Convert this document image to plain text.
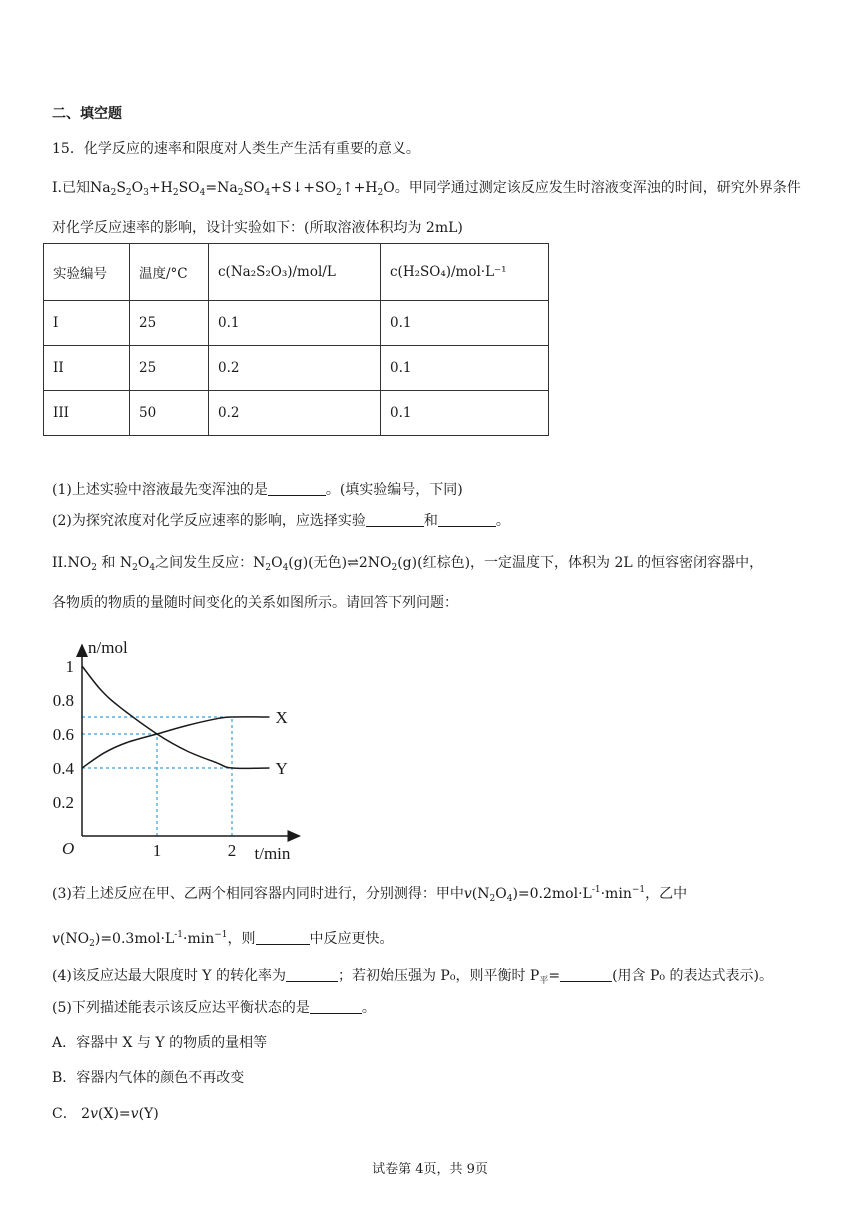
二、填空题
15．化学反应的速率和限度对人类生产生活有重要的意义。
I.已知$Na_2S_2O_3+H_2SO_4=Na_2SO_4+S↓+SO_2↑+H_2O$。甲同学通过测定该反应发生时溶液变浑浊的时间，研究外界条件
对化学反应速率的影响，设计实验如下：(所取溶液体积均为 2mL)
实验编号	温度/°C	c(Na₂S₂O₃)/mol/L	c(H₂SO₄)/mol·L⁻¹
I	25	0.1	0.1
II	25	0.2	0.1
III	50	0.2	0.1
(1)上述实验中溶液最先变浑浊的是	。(填实验编号，下同)
(2)为探究浓度对化学反应速率的影响，应选择实验	和	。
$II.NO_2$ 和 $N_2O_4$之间发生反应：$N_2O_4(g)$(无色)$\rightleftharpoons 2NO_2(g)$(红棕色)，一定温度下，体积为 2L 的恒容密闭容器中，
各物质的物质的量随时间变化的关系如图所示。请回答下列问题：
X
Y
0.2
0.4
0.6
0.8
1
1	2
n/mol
t/min
O
(3)若上述反应在甲、乙两个相同容器内同时进行，分别测得：甲中$v(N_2O_4)=0.2mol\cdot L^{-1}\cdot\min^{-1}$，乙中
$v(NO_2)=0.3mol\cdot L^{-1}\cdot\min^{-1}$，则	中反应更快。
(4)该反应达最大限度时 Y 的转化率为	；若初始压强为 P₀，则平衡时 $P_平=$	(用含 P₀ 的表达式表示)。
(5)下列描述能表示该反应达平衡状态的是	。
A．容器中 X 与 Y 的物质的量相等
B．容器内气体的颜色不再改变
C． 2v(X)=v(Y)
试卷第 4页，共 9页
